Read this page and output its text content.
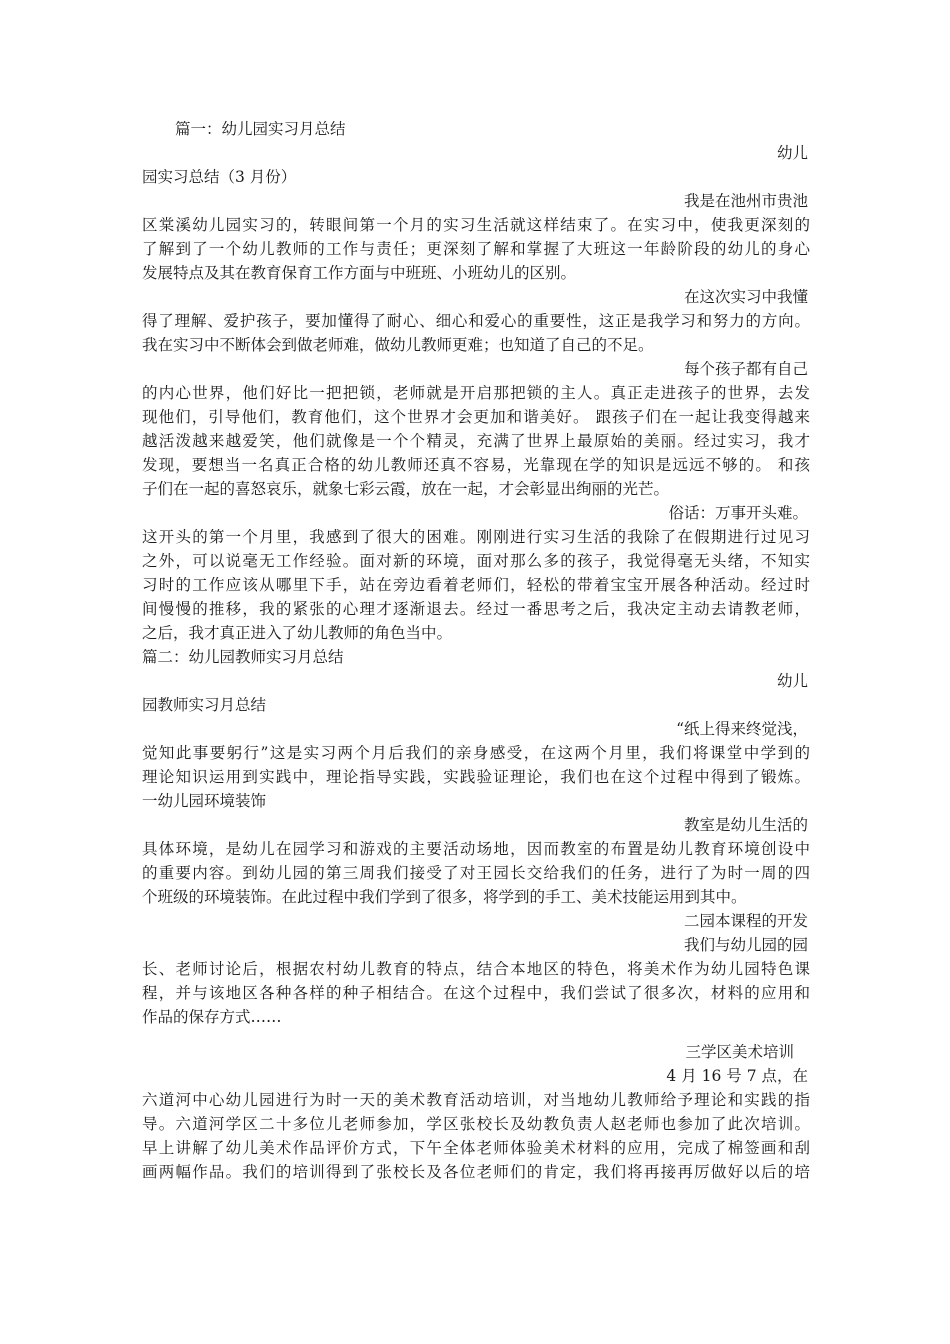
篇一：幼儿园实习月总结

幼儿

园实习总结（3 月份）

我是在池州市贵池

区棠溪幼儿园实习的，转眼间第一个月的实习生活就这样结束了。在实习中，使我更深刻的

了解到了一个幼儿教师的工作与责任；更深刻了解和掌握了大班这一年龄阶段的幼儿的身心

发展特点及其在教育保育工作方面与中班班、小班幼儿的区别。

在这次实习中我懂

得了理解、爱护孩子，要加懂得了耐心、细心和爱心的重要性，这正是我学习和努力的方向。

我在实习中不断体会到做老师难，做幼儿教师更难；也知道了自己的不足。

每个孩子都有自己

的内心世界，他们好比一把把锁，老师就是开启那把锁的主人。真正走进孩子的世界，去发

现他们，引导他们，教育他们，这个世界才会更加和谐美好。 跟孩子们在一起让我变得越来

越活泼越来越爱笑，他们就像是一个个精灵，充满了世界上最原始的美丽。经过实习，我才

发现，要想当一名真正合格的幼儿教师还真不容易，光靠现在学的知识是远远不够的。 和孩

子们在一起的喜怒哀乐，就象七彩云霞，放在一起，才会彰显出绚丽的光芒。

俗话：万事开头难。

这开头的第一个月里，我感到了很大的困难。刚刚进行实习生活的我除了在假期进行过见习

之外，可以说毫无工作经验。面对新的环境，面对那么多的孩子，我觉得毫无头绪，不知实

习时的工作应该从哪里下手，站在旁边看着老师们，轻松的带着宝宝开展各种活动。经过时

间慢慢的推移，我的紧张的心理才逐渐退去。经过一番思考之后，我决定主动去请教老师，

之后，我才真正进入了幼儿教师的角色当中。

篇二：幼儿园教师实习月总结

幼儿

园教师实习月总结

“纸上得来终觉浅，

觉知此事要躬行”这是实习两个月后我们的亲身感受，在这两个月里，我们将课堂中学到的

理论知识运用到实践中，理论指导实践，实践验证理论，我们也在这个过程中得到了锻炼。

一幼儿园环境装饰

教室是幼儿生活的

具体环境，是幼儿在园学习和游戏的主要活动场地，因而教室的布置是幼儿教育环境创设中

的重要内容。到幼儿园的第三周我们接受了对王园长交给我们的任务，进行了为时一周的四

个班级的环境装饰。在此过程中我们学到了很多，将学到的手工、美术技能运用到其中。

二园本课程的开发

我们与幼儿园的园

长、老师讨论后，根据农村幼儿教育的特点，结合本地区的特色，将美术作为幼儿园特色课

程，并与该地区各种各样的种子相结合。在这个过程中，我们尝试了很多次，材料的应用和

作品的保存方式……

三学区美术培训

4 月 16 号 7 点，在

六道河中心幼儿园进行为时一天的美术教育活动培训，对当地幼儿教师给予理论和实践的指

导。六道河学区二十多位儿老师参加，学区张校长及幼教负责人赵老师也参加了此次培训。

早上讲解了幼儿美术作品评价方式，下午全体老师体验美术材料的应用，完成了棉签画和刮

画两幅作品。我们的培训得到了张校长及各位老师们的肯定，我们将再接再厉做好以后的培
